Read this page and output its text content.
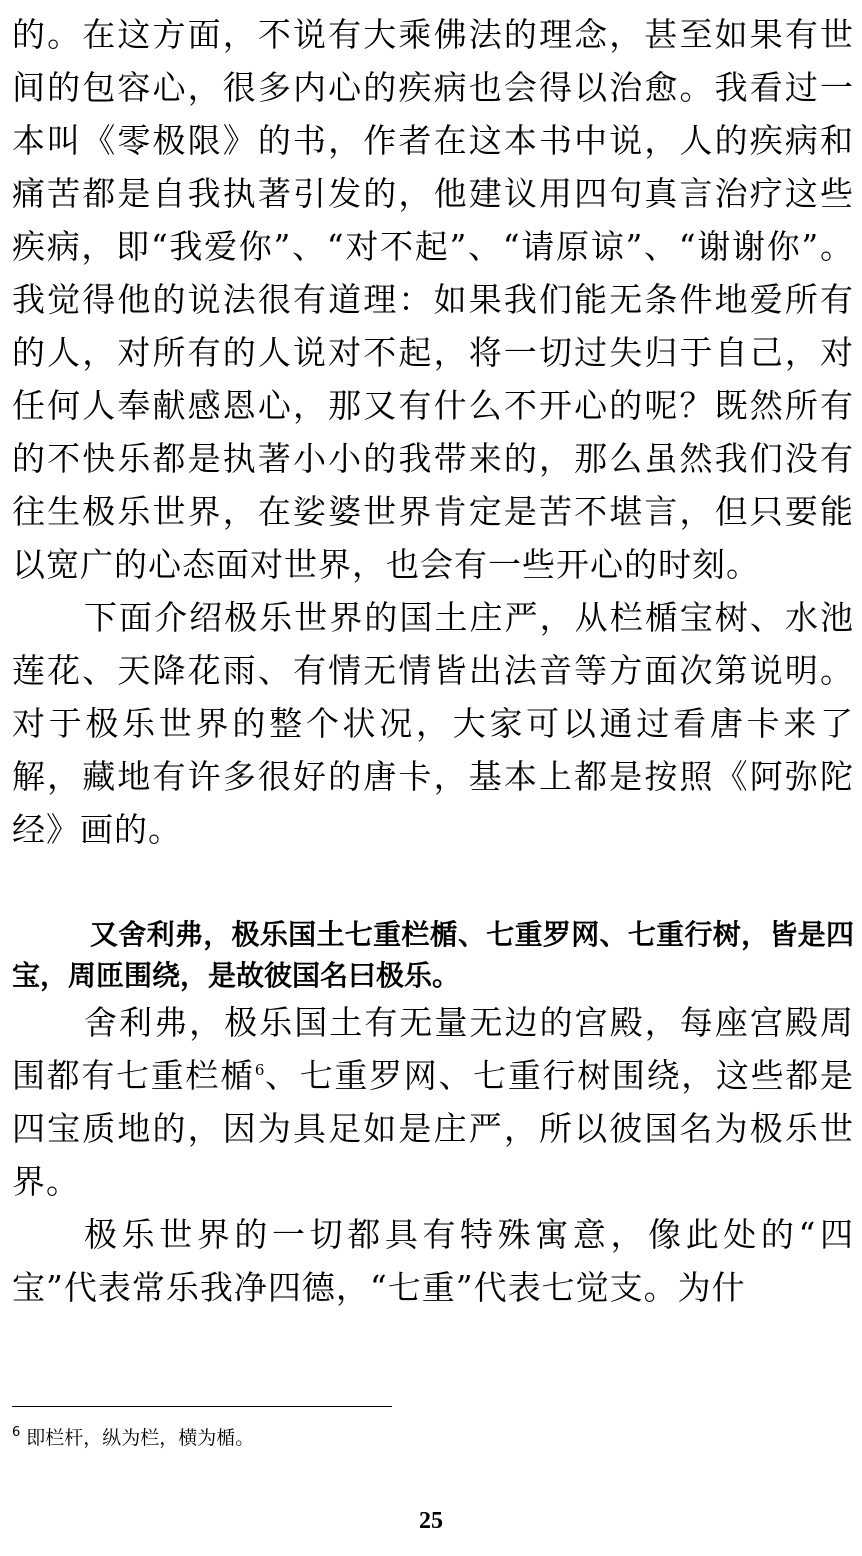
的。在这方面，不说有大乘佛法的理念，甚至如果有世间的包容心，很多内心的疾病也会得以治愈。我看过一本叫《零极限》的书，作者在这本书中说，人的疾病和痛苦都是自我执著引发的，他建议用四句真言治疗这些疾病，即“我爱你”、“对不起”、“请原谅”、“谢谢你”。我觉得他的说法很有道理：如果我们能无条件地爱所有的人，对所有的人说对不起，将一切过失归于自己，对任何人奉献感恩心，那又有什么不开心的呢？既然所有的不快乐都是执著小小的我带来的，那么虽然我们没有往生极乐世界，在娑婆世界肯定是苦不堪言，但只要能以宽广的心态面对世界，也会有一些开心的时刻。

下面介绍极乐世界的国土庄严，从栏楯宝树、水池莲花、天降花雨、有情无情皆出法音等方面次第说明。对于极乐世界的整个状况，大家可以通过看唐卡来了解，藏地有许多很好的唐卡，基本上都是按照《阿弥陀经》画的。

又舍利弗，极乐国土七重栏楯、七重罗网、七重行树，皆是四宝，周匝围绕，是故彼国名曰极乐。

舍利弗，极乐国土有无量无边的宫殿，每座宫殿周围都有七重栏楯$^6$、七重罗网、七重行树围绕，这些都是四宝质地的，因为具足如是庄严，所以彼国名为极乐世界。

极乐世界的一切都具有特殊寓意，像此处的“四宝”代表常乐我净四德，“七重”代表七觉支。为什

$^6$ 即栏杆，纵为栏，横为楯。
25
